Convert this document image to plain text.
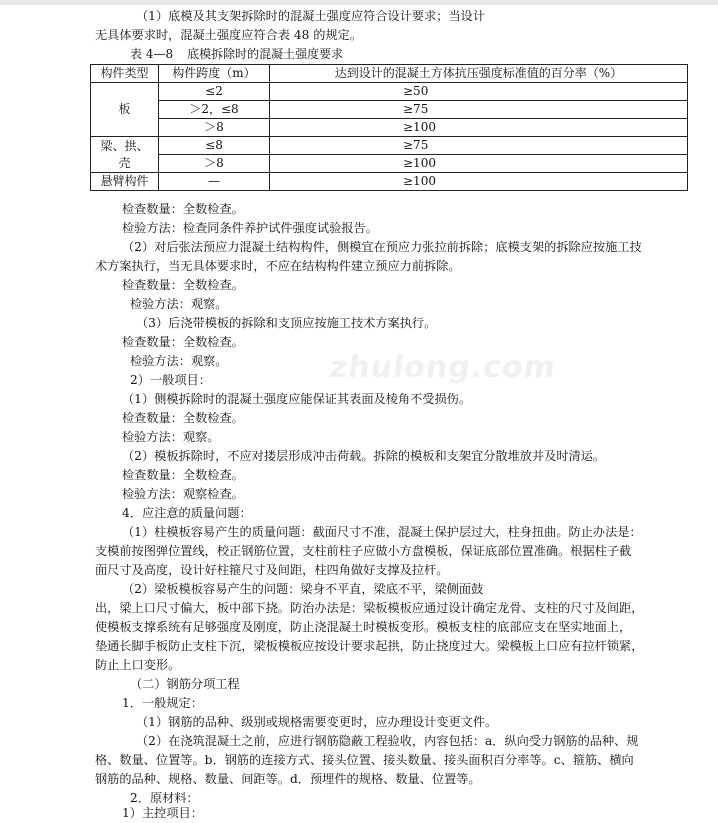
zhulong.com
（1）底模及其支架拆除时的混凝土强度应符合设计要求；当设计
无具体要求时，混凝土强度应符合表 48 的规定。
表 4—8 底模拆除时的混凝土强度要求
构件类型	构件跨度（m）	达到设计的混凝土方体抗压强度标准值的百分率（%）
板	≤2	≥50
	＞2，≤8	≥75
	＞8	≥100
梁、拱、壳	≤8	≥75
	＞8	≥100
悬臂构件	—	≥100
检查数量：全数检查。
检验方法：检查同条件养护试件强度试验报告。
（2）对后张法预应力混凝土结构构件，侧模宜在预应力张拉前拆除；底模支架的拆除应按施工技
术方案执行，当无具体要求时，不应在结构构件建立预应力前拆除。
检查数量：全数检查。
检验方法：观察。
（3）后浇带模板的拆除和支顶应按施工技术方案执行。
检查数量：全数检查。
检验方法：观察。
2）一般项目：
（1）侧模拆除时的混凝土强度应能保证其表面及棱角不受损伤。
检查数量：全数检查。
检验方法：观察。
（2）模板拆除时，不应对搂层形成冲击荷载。拆除的模板和支架宜分散堆放并及时清运。
检查数量：全数检查。
检验方法：观察检查。
4．应注意的质量问题：
（1）柱模板容易产生的质量问题：截面尺寸不准，混凝土保护层过大，柱身扭曲。防止办法是：
支模前按图弹位置线，校正钢筋位置，支柱前柱子应做小方盘模板，保证底部位置准确。根据柱子截
面尺寸及高度，设计好柱箍尺寸及间距，柱四角做好支撑及拉杆。
（2）梁板模板容易产生的问题：梁身不平直，梁底不平，梁侧面鼓
出，梁上口尺寸偏大，板中部下挠。防治办法是：梁板模板应通过设计确定龙骨、支柱的尺寸及间距，
使模板支撑系统有足够强度及刚度，防止浇混凝土时模板变形。模板支柱的底部应支在坚实地面上，
垫通长脚手板防止支柱下沉，梁板模板应按设计要求起拱，防止挠度过大。梁模板上口应有拉杆锁紧，
防止上口变形。
（二）钢筋分项工程
1．一般规定：
（1）钢筋的品种、级别或规格需要变更时，应办理设计变更文件。
（2）在浇筑混凝土之前，应进行钢筋隐蔽工程验收，内容包括：a．纵向受力钢筋的品种、规
格、数量、位置等。b．钢筋的连接方式、接头位置、接头数量、接头面积百分率等。c、箍筋、横向
钢筋的品种、规格、数量、间距等。d．预埋件的规格、数量、位置等。
2．原材料：
1）主控项目：
